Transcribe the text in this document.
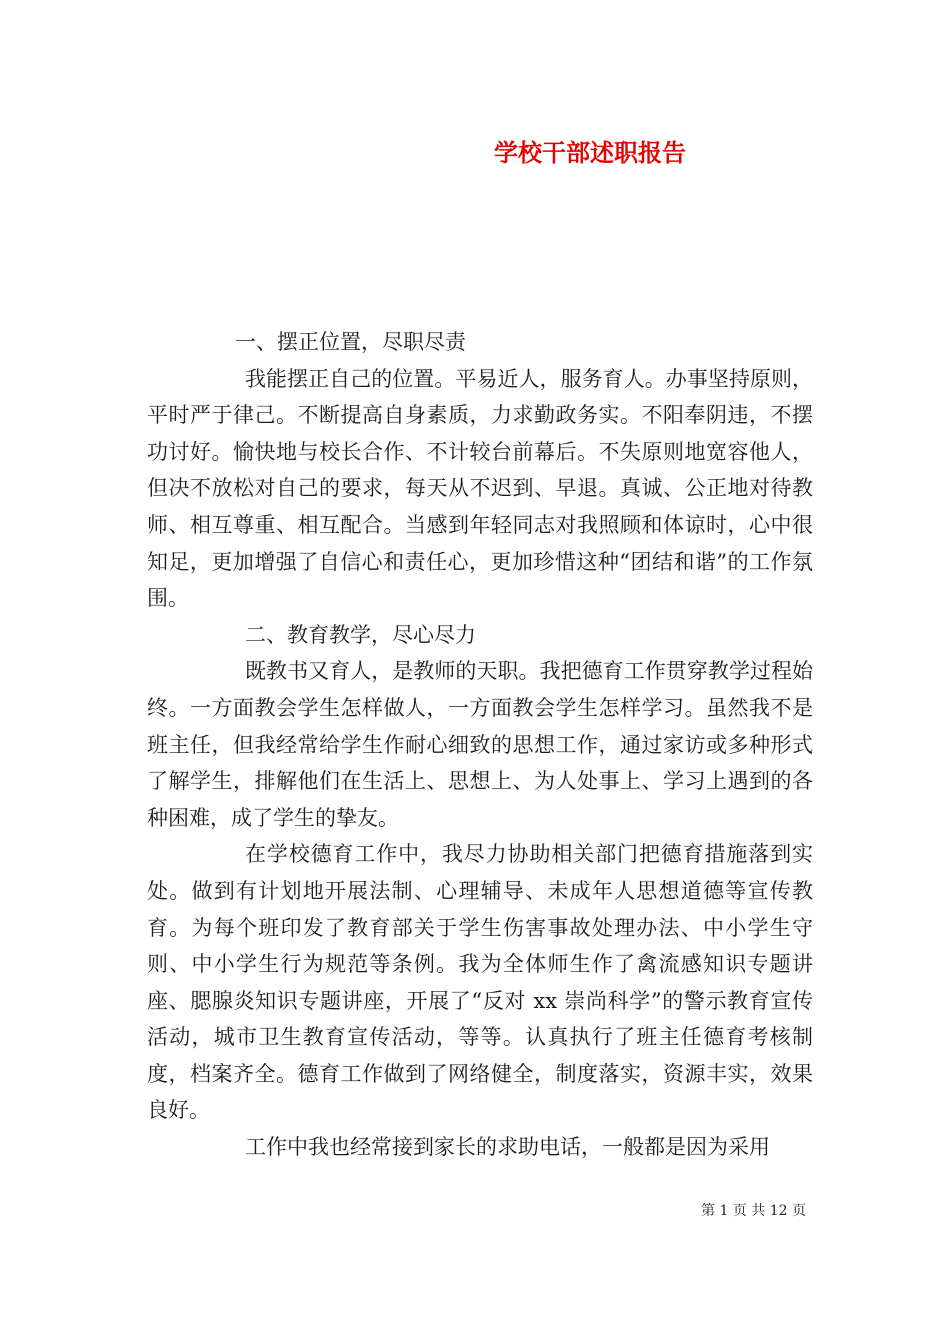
学校干部述职报告

一、摆正位置，尽职尽责

我能摆正自己的位置。平易近人，服务育人。办事坚持原则，平时严于律己。不断提高自身素质，力求勤政务实。不阳奉阴违，不摆功讨好。愉快地与校长合作、不计较台前幕后。不失原则地宽容他人，但决不放松对自己的要求，每天从不迟到、早退。真诚、公正地对待教师、相互尊重、相互配合。当感到年轻同志对我照顾和体谅时，心中很知足，更加增强了自信心和责任心，更加珍惜这种“团结和谐”的工作氛围。

二、教育教学，尽心尽力

既教书又育人，是教师的天职。我把德育工作贯穿教学过程始终。一方面教会学生怎样做人，一方面教会学生怎样学习。虽然我不是班主任，但我经常给学生作耐心细致的思想工作，通过家访或多种形式了解学生，排解他们在生活上、思想上、为人处事上、学习上遇到的各种困难，成了学生的挚友。

在学校德育工作中，我尽力协助相关部门把德育措施落到实处。做到有计划地开展法制、心理辅导、未成年人思想道德等宣传教育。为每个班印发了教育部关于学生伤害事故处理办法、中小学生守则、中小学生行为规范等条例。我为全体师生作了禽流感知识专题讲座、腮腺炎知识专题讲座，开展了“反对 xx 崇尚科学”的警示教育宣传活动，城市卫生教育宣传活动，等等。认真执行了班主任德育考核制度，档案齐全。德育工作做到了网络健全，制度落实，资源丰实，效果良好。

工作中我也经常接到家长的求助电话，一般都是因为采用

第 1 页 共 12 页
